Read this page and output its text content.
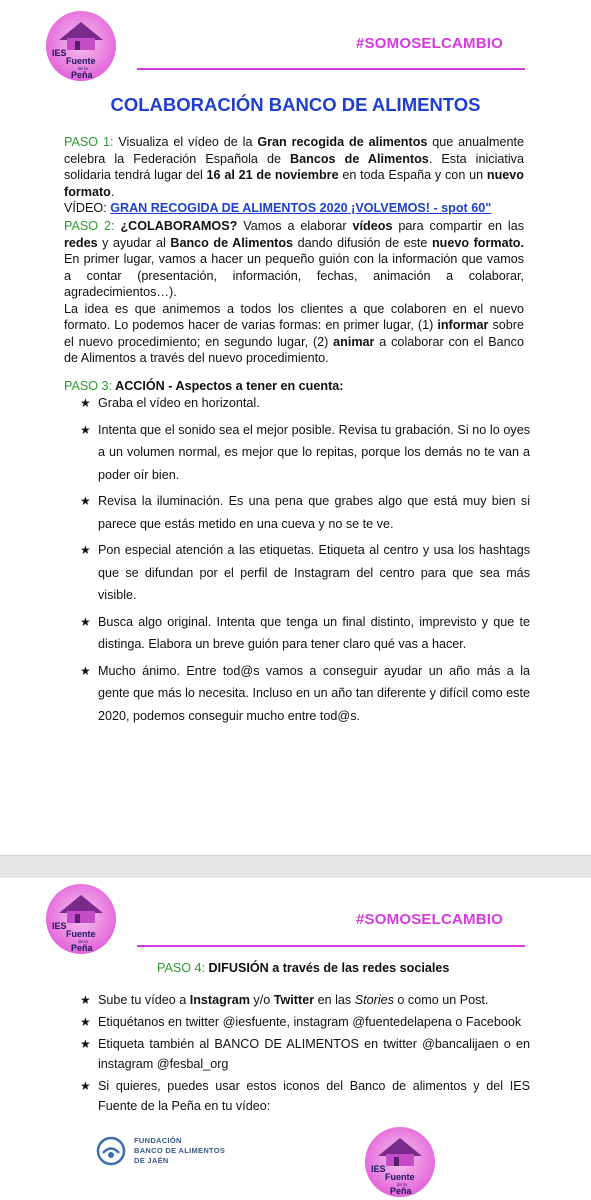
IES
Fuente
de la
Peña
#SOMOSELCAMBIO
COLABORACIÓN BANCO DE ALIMENTOS
PASO 1: Visualiza el vídeo de la Gran recogida de alimentos que anualmente celebra la Federación Española de Bancos de Alimentos. Esta iniciativa solidaria tendrá lugar del 16 al 21 de noviembre en toda España y con un nuevo formato.
VÍDEO: GRAN RECOGIDA DE ALIMENTOS 2020 ¡VOLVEMOS! - spot 60"
PASO 2: ¿COLABORAMOS? Vamos a elaborar vídeos para compartir en las redes y ayudar al Banco de Alimentos dando difusión de este nuevo formato. En primer lugar, vamos a hacer un pequeño guión con la información que vamos a contar (presentación, información, fechas, animación a colaborar, agradecimientos…).
La idea es que animemos a todos los clientes a que colaboren en el nuevo formato. Lo podemos hacer de varias formas: en primer lugar, (1) informar sobre el nuevo procedimiento; en segundo lugar, (2) animar a colaborar con el Banco de Alimentos a través del nuevo procedimiento.
PASO 3: ACCIÓN - Aspectos a tener en cuenta:
★ Graba el vídeo en horizontal.
★ Intenta que el sonido sea el mejor posible. Revisa tu grabación. Si no lo oyes a un volumen normal, es mejor que lo repitas, porque los demás no te van a poder oír bien.
★ Revisa la iluminación. Es una pena que grabes algo que está muy bien si parece que estás metido en una cueva y no se te ve.
★ Pon especial atención a las etiquetas. Etiqueta al centro y usa los hashtags que se difundan por el perfil de Instagram del centro para que sea más visible.
★ Busca algo original. Intenta que tenga un final distinto, imprevisto y que te distinga. Elabora un breve guión para tener claro qué vas a hacer.
★ Mucho ánimo. Entre tod@s vamos a conseguir ayudar un año más a la gente que más lo necesita. Incluso en un año tan diferente y difícil como este 2020, podemos conseguir mucho entre tod@s.
IES
Fuente
de la
Peña
#SOMOSELCAMBIO
PASO 4: DIFUSIÓN a través de las redes sociales
★ Sube tu vídeo a Instagram y/o Twitter en las Stories o como un Post.
★ Etiquétanos en twitter @iesfuente, instagram @fuentedelapena o Facebook
★ Etiqueta también al BANCO DE ALIMENTOS en twitter @bancalijaen o en instagram @fesbal_org
★ Si quieres, puedes usar estos iconos del Banco de alimentos y del IES Fuente de la Peña en tu vídeo:
FUNDACIÓN
BANCO DE ALIMENTOS
DE JAÉN
IES
Fuente
de la
Peña
